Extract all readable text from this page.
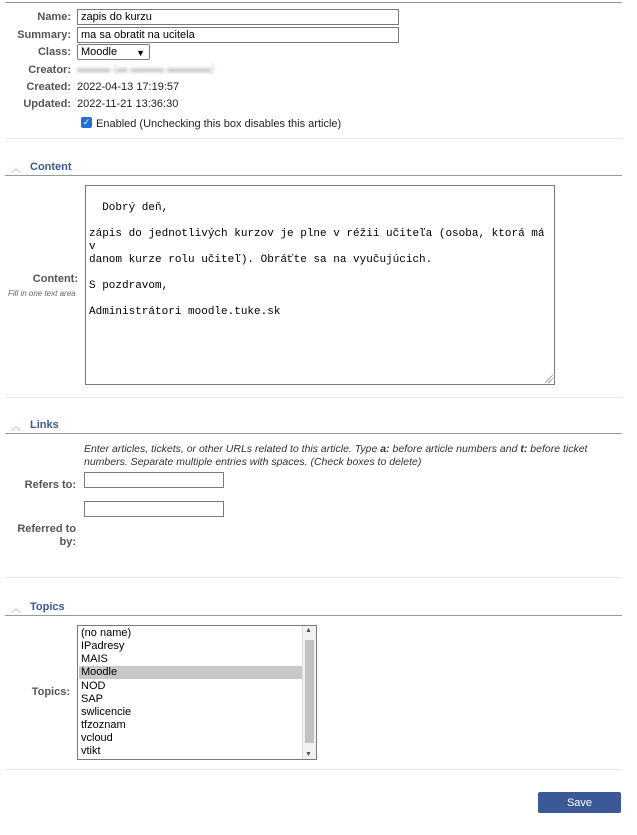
Name:
zapis do kurzu
Summary:
ma sa obratit na ucitela
Class: Moodle ▼
Creator: ▬▬▬ (▬ ▬▬▬ ▬▬▬▬)
Created: 2022-04-13 17:19:57
Updated: 2022-11-21 13:36:30
✓ Enabled (Unchecking this box disables this article)
︿ Content
Content:
Fill in one text area

Dobrý deň,

zápis do jednotlivých kurzov je plne v réžii učiteľa (osoba, ktorá má v
danom kurze rolu učiteľ). Obráťte sa na vyučujúcich.

S pozdravom,

Administrátori moodle.tuke.sk

︿ Links
Enter articles, tickets, or other URLs related to this article. Type a: before article numbers and t: before ticket numbers. Separate multiple entries with spaces. (Check boxes to delete)
Refers to:
Referred to by:
︿ Topics
Topics:
(no name)
IPadresy
MAIS
Moodle
NOD
SAP
swlicencie
tfzoznam
vcloud
vtikt
▲
▼
Save Changes
